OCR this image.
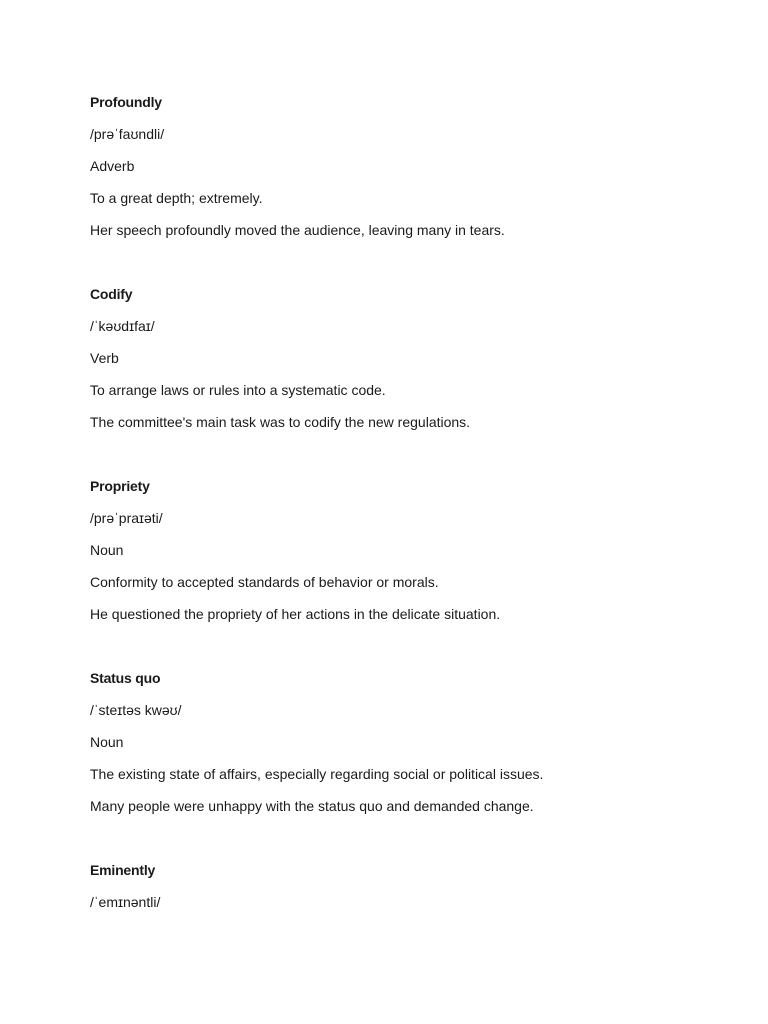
Profoundly
/prəˈfaʊndli/
Adverb
To a great depth; extremely.
Her speech profoundly moved the audience, leaving many in tears.
Codify
/ˈkəʊdɪfaɪ/
Verb
To arrange laws or rules into a systematic code.
The committee's main task was to codify the new regulations.
Propriety
/prəˈpraɪəti/
Noun
Conformity to accepted standards of behavior or morals.
He questioned the propriety of her actions in the delicate situation.
Status quo
/ˈsteɪtəs kwəʊ/
Noun
The existing state of affairs, especially regarding social or political issues.
Many people were unhappy with the status quo and demanded change.
Eminently
/ˈemɪnəntli/
